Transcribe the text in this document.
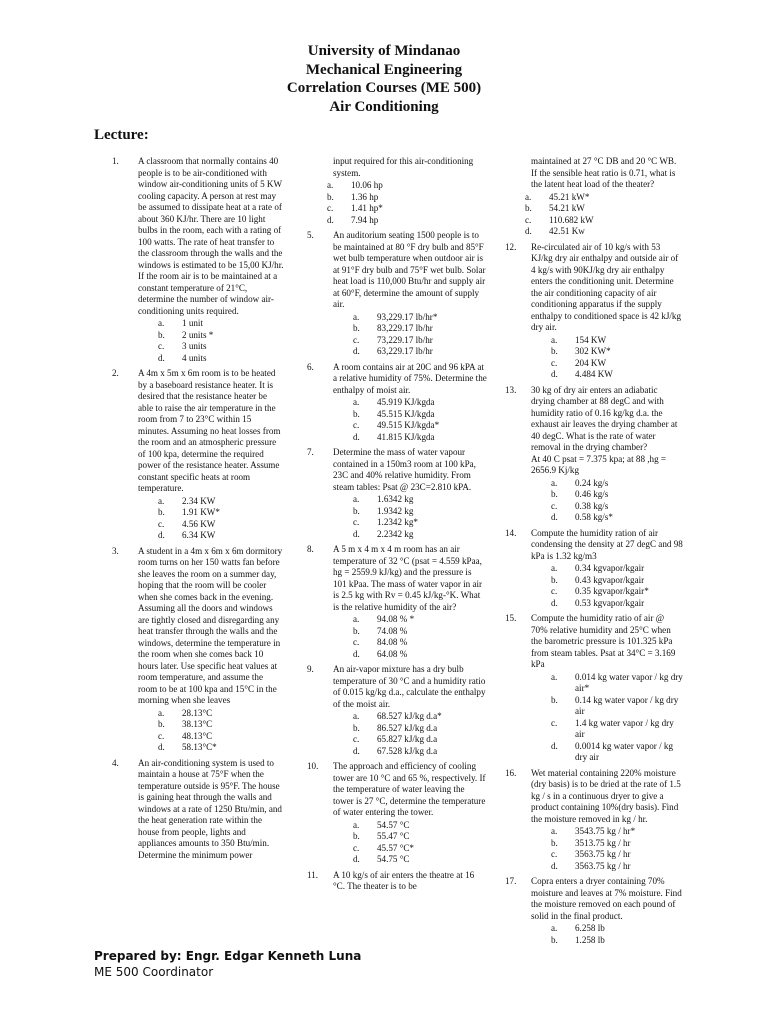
University of Mindanao
Mechanical Engineering
Correlation Courses (ME 500)
Air Conditioning
Lecture:
1. A classroom that normally contains 40 people is to be air-conditioned with window air-conditioning units of 5 KW cooling capacity. A person at rest may be assumed to dissipate heat at a rate of about 360 KJ/hr. There are 10 light bulbs in the room, each with a rating of 100 watts. The rate of heat transfer to the classroom through the walls and the windows is estimated to be 15,00 KJ/hr. If the room air is to be maintained at a constant temperature of 21°C, determine the number of window air-conditioning units required.
a. 1 unit
b. 2 units *
c. 3 units
d. 4 units
2. A 4m x 5m x 6m room is to be heated by a baseboard resistance heater. It is desired that the resistance heater be able to raise the air temperature in the room from 7 to 23°C within 15 minutes. Assuming no heat losses from the room and an atmospheric pressure of 100 kpa, determine the required power of the resistance heater. Assume constant specific heats at room temperature.
a. 2.34 KW
b. 1.91 KW*
c. 4.56 KW
d. 6.34 KW
3. A student in a 4m x 6m x 6m dormitory room turns on her 150 watts fan before she leaves the room on a summer day, hoping that the room will be cooler when she comes back in the evening. Assuming all the doors and windows are tightly closed and disregarding any heat transfer through the walls and the windows, determine the temperature in the room when she comes back 10 hours later. Use specific heat values at room temperature, and assume the room to be at 100 kpa and 15°C in the morning when she leaves
a. 28.13°C
b. 38.13°C
c. 48.13°C
d. 58.13°C*
4. An air-conditioning system is used to maintain a house at 75°F when the temperature outside is 95°F. The house is gaining heat through the walls and windows at a rate of 1250 Btu/min, and the heat generation rate within the house from people, lights and appliances amounts to 350 Btu/min. Determine the minimum power
input required for this air-conditioning system.
a. 10.06 hp
b. 1.36 hp
c. 1.41 hp*
d. 7.94 hp
5. An auditorium seating 1500 people is to be maintained at 80 °F dry bulb and 85°F wet bulb temperature when outdoor air is at 91°F dry bulb and 75°F wet bulb. Solar heat load is 110,000 Btu/hr and supply air at 60°F, determine the amount of supply air.
a. 93,229.17 lb/hr*
b. 83,229.17 lb/hr
c. 73,229.17 lb/hr
d. 63,229.17 lb/hr
6. A room contains air at 20C and 96 kPA at a relative humidity of 75%. Determine the enthalpy of moist air.
a. 45.919 KJ/kgda
b. 45.515 KJ/kgda
c. 49.515 KJ/kgda*
d. 41.815 KJ/kgda
7. Determine the mass of water vapour contained in a 150m3 room at 100 kPa, 23C and 40% relative humidity. From steam tables: Psat @ 23C=2.810 kPA.
a. 1.6342 kg
b. 1.9342 kg
c. 1.2342 kg*
d. 2.2342 kg
8. A 5 m x 4 m x 4 m room has an air temperature of 32 °C (psat = 4.559 kPaa, hg = 2559.9 kJ/kg) and the pressure is 101 kPaa. The mass of water vapor in air is 2.5 kg with Rv = 0.45 kJ/kg-°K. What is the relative humidity of the air?
a. 94.08 % *
b. 74.08 %
c. 84.08 %
d. 64.08 %
9. An air-vapor mixture has a dry bulb temperature of 30 °C and a humidity ratio of 0.015 kg/kg d.a., calculate the enthalpy of the moist air.
a. 68.527 kJ/kg d.a*
b. 86.527 kJ/kg d.a
c. 65.827 kJ/kg d.a
d. 67.528 kJ/kg d.a
10. The approach and efficiency of cooling tower are 10 °C and 65 %, respectively. If the temperature of water leaving the tower is 27 °C, determine the temperature of water entering the tower.
a. 54.57 °C
b. 55.47 °C
c. 45.57 °C*
d. 54.75 °C
11. A 10 kg/s of air enters the theatre at 16 °C. The theater is to be
maintained at 27 °C DB and 20 °C WB. If the sensible heat ratio is 0.71, what is the latent heat load of the theater?
a. 45.21 kW*
b. 54.21 kW
c. 110.682 kW
d. 42.51 Kw
12. Re-circulated air of 10 kg/s with 53 KJ/kg dry air enthalpy and outside air of 4 kg/s with 90KJ/kg dry air enthalpy enters the conditioning unit. Determine the air conditioning capacity of air conditioning apparatus if the supply enthalpy to conditioned space is 42 kJ/kg dry air.
a. 154 KW
b. 302 KW*
c. 204 KW
d. 4.484 KW
13. 30 kg of dry air enters an adiabatic drying chamber at 88 degC and with humidity ratio of 0.16 kg/kg d.a. the exhaust air leaves the drying chamber at 40 degC. What is the rate of water removal in the drying chamber?
At 40 C psat = 7.375 kpa; at 88 ,hg = 2656.9 Kj/kg
a. 0.24 kg/s
b. 0.46 kg/s
c. 0.38 kg/s
d. 0.58 kg/s*
14. Compute the humidity ration of air condensing the density at 27 degC and 98 kPa is 1.32 kg/m3
a. 0.34 kgvapor/kgair
b. 0.43 kgvapor/kgair
c. 0.35 kgvapor/kgair*
d. 0.53 kgvapor/kgair
15. Compute the humidity ratio of air @ 70% relative humidity and 25°C when the barometric pressure is 101.325 kPa from steam tables. Psat at 34°C = 3.169 kPa
a. 0.014 kg water vapor / kg dry air*
b. 0.14 kg water vapor / kg dry air
c. 1.4 kg water vapor / kg dry air
d. 0.0014 kg water vapor / kg dry air
16. Wet material containing 220% moisture (dry basis) is to be dried at the rate of 1.5 kg / s in a continuous dryer to give a product containing 10%(dry basis). Find the moisture removed in kg / hr.
a. 3543.75 kg / hr*
b. 3513.75 kg / hr
c. 3563.75 kg / hr
d. 3563.75 kg / hr
17. Copra enters a dryer containing 70% moisture and leaves at 7% moisture. Find the moisture removed on each pound of solid in the final product.
a. 6.258 lb
b. 1.258 lb
Prepared by: Engr. Edgar Kenneth Luna
ME 500 Coordinator
